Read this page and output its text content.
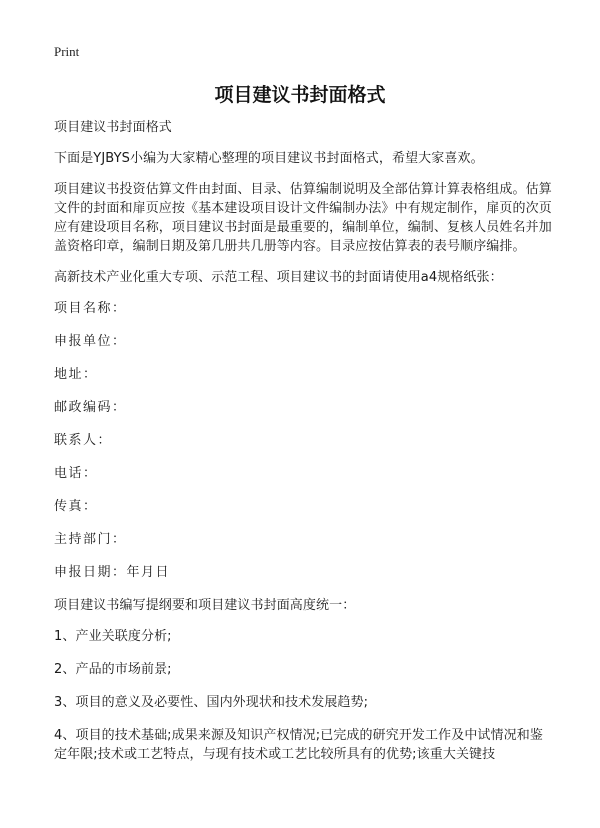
Print
项目建议书封面格式

项目建议书封面格式

下面是YJBYS小编为大家精心整理的项目建议书封面格式，希望大家喜欢。

项目建议书投资估算文件由封面、目录、估算编制说明及全部估算计算表格组成。估算文件的封面和扉页应按《基本建设项目设计文件编制办法》中有规定制作，扉页的次页应有建设项目名称，项目建议书封面是最重要的，编制单位，编制、复核人员姓名并加盖资格印章，编制日期及第几册共几册等内容。目录应按估算表的表号顺序编排。

高新技术产业化重大专项、示范工程、项目建议书的封面请使用a4规格纸张：

项目名称：

申报单位：

地址：

邮政编码：

联系人：

电话：

传真：

主持部门：

申报日期：年月日

项目建议书编写提纲要和项目建议书封面高度统一：

1、产业关联度分析;

2、产品的市场前景;

3、项目的意义及必要性、国内外现状和技术发展趋势;

4、项目的技术基础;成果来源及知识产权情况;已完成的研究开发工作及中试情况和鉴定年限;技术或工艺特点，与现有技术或工艺比较所具有的优势;该重大关键技
